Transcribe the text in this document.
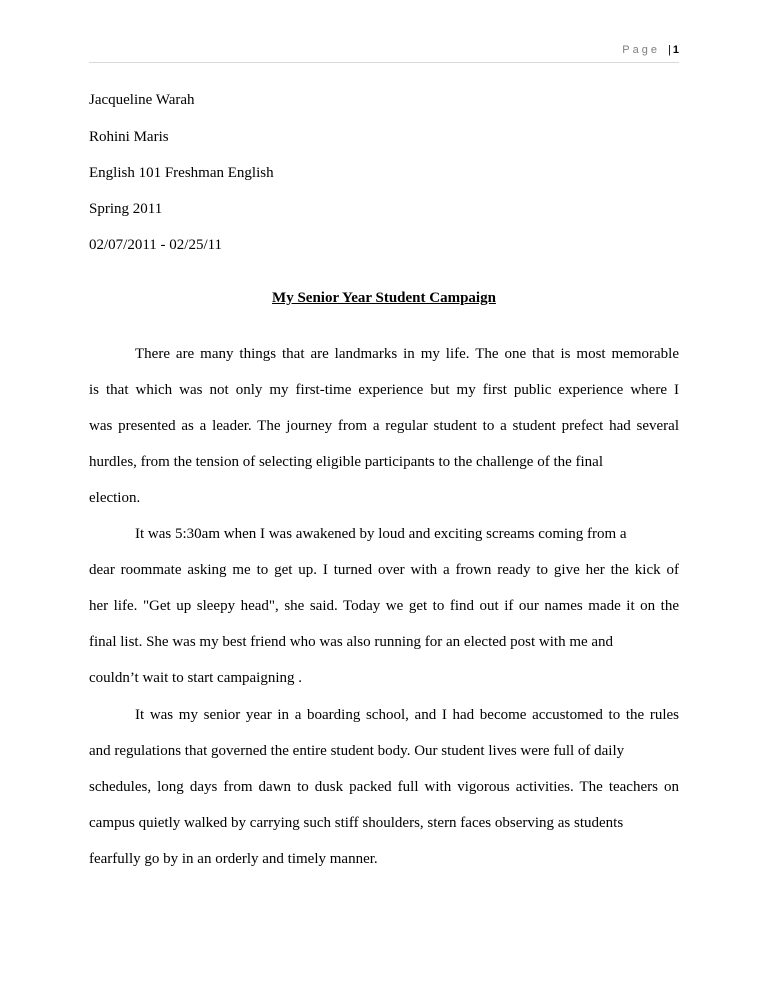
Page | 1
Jacqueline Warah
Rohini Maris
English 101 Freshman English
Spring 2011
02/07/2011 - 02/25/11
My Senior Year Student Campaign
There are many things that are landmarks in my life. The one that is most memorable
is that which was not only my first-time experience but my first public experience where I
was presented as a leader. The journey from a regular student to a student prefect had several
hurdles, from the tension of selecting eligible participants to the challenge of the final
election.
It was 5:30am when I was awakened by loud and exciting screams coming from a
dear roommate asking me to get up. I turned over with a frown ready to give her the kick of
her life. "Get up sleepy head", she said. Today we get to find out if our names made it on the
final list. She was my best friend who was also running for an elected post with me and
couldn’t wait to start campaigning .
It was my senior year in a boarding school, and I had become accustomed to the rules
and regulations that governed the entire student body. Our student lives were full of daily
schedules, long days from dawn to dusk packed full with vigorous activities. The teachers on
campus quietly walked by carrying such stiff shoulders, stern faces observing as students
fearfully go by in an orderly and timely manner.
